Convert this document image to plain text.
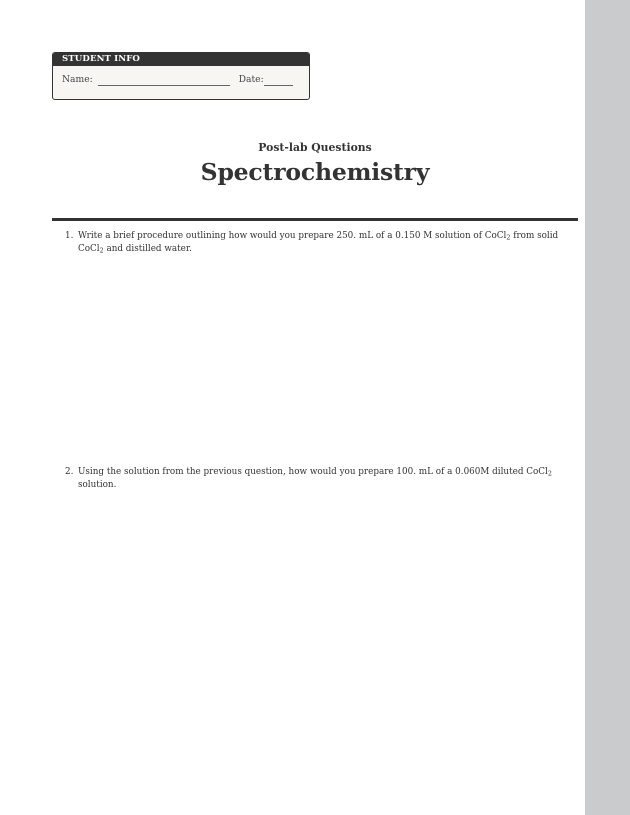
STUDENT INFO
Name:	Date:
Post-lab Questions
Spectrochemistry
1. Write a brief procedure outlining how would you prepare 250. mL of a 0.150 M solution of CoCl$_2$ from solid CoCl$_2$ and distilled water.
2. Using the solution from the previous question, how would you prepare 100. mL of a 0.060M diluted CoCl$_2$ solution.
